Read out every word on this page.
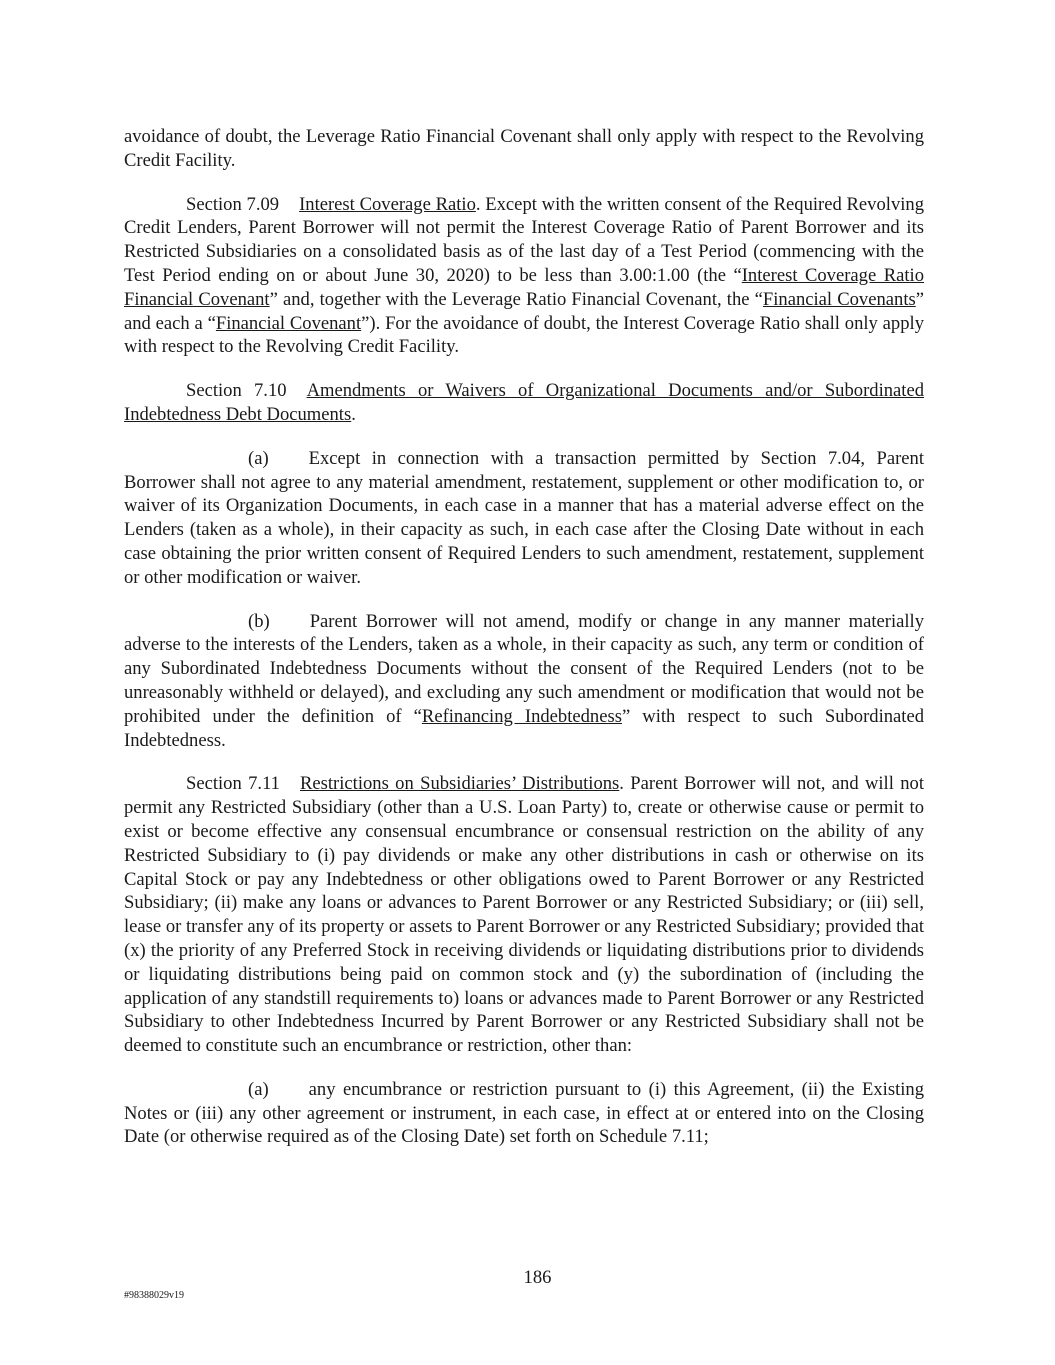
avoidance of doubt, the Leverage Ratio Financial Covenant shall only apply with respect to the Revolving Credit Facility.

Section 7.09 Interest Coverage Ratio. Except with the written consent of the Required Revolving Credit Lenders, Parent Borrower will not permit the Interest Coverage Ratio of Parent Borrower and its Restricted Subsidiaries on a consolidated basis as of the last day of a Test Period (commencing with the Test Period ending on or about June 30, 2020) to be less than 3.00:1.00 (the “Interest Coverage Ratio Financial Covenant” and, together with the Leverage Ratio Financial Covenant, the “Financial Covenants” and each a “Financial Covenant”). For the avoidance of doubt, the Interest Coverage Ratio shall only apply with respect to the Revolving Credit Facility.

Section 7.10 Amendments or Waivers of Organizational Documents and/or Subordinated Indebtedness Debt Documents.

(a) Except in connection with a transaction permitted by Section 7.04, Parent Borrower shall not agree to any material amendment, restatement, supplement or other modification to, or waiver of its Organization Documents, in each case in a manner that has a material adverse effect on the Lenders (taken as a whole), in their capacity as such, in each case after the Closing Date without in each case obtaining the prior written consent of Required Lenders to such amendment, restatement, supplement or other modification or waiver.

(b) Parent Borrower will not amend, modify or change in any manner materially adverse to the interests of the Lenders, taken as a whole, in their capacity as such, any term or condition of any Subordinated Indebtedness Documents without the consent of the Required Lenders (not to be unreasonably withheld or delayed), and excluding any such amendment or modification that would not be prohibited under the definition of “Refinancing Indebtedness” with respect to such Subordinated Indebtedness.

Section 7.11 Restrictions on Subsidiaries’ Distributions. Parent Borrower will not, and will not permit any Restricted Subsidiary (other than a U.S. Loan Party) to, create or otherwise cause or permit to exist or become effective any consensual encumbrance or consensual restriction on the ability of any Restricted Subsidiary to (i) pay dividends or make any other distributions in cash or otherwise on its Capital Stock or pay any Indebtedness or other obligations owed to Parent Borrower or any Restricted Subsidiary; (ii) make any loans or advances to Parent Borrower or any Restricted Subsidiary; or (iii) sell, lease or transfer any of its property or assets to Parent Borrower or any Restricted Subsidiary; provided that (x) the priority of any Preferred Stock in receiving dividends or liquidating distributions prior to dividends or liquidating distributions being paid on common stock and (y) the subordination of (including the application of any standstill requirements to) loans or advances made to Parent Borrower or any Restricted Subsidiary to other Indebtedness Incurred by Parent Borrower or any Restricted Subsidiary shall not be deemed to constitute such an encumbrance or restriction, other than:

(a) any encumbrance or restriction pursuant to (i) this Agreement, (ii) the Existing Notes or (iii) any other agreement or instrument, in each case, in effect at or entered into on the Closing Date (or otherwise required as of the Closing Date) set forth on Schedule 7.11;

186
#98388029v19
